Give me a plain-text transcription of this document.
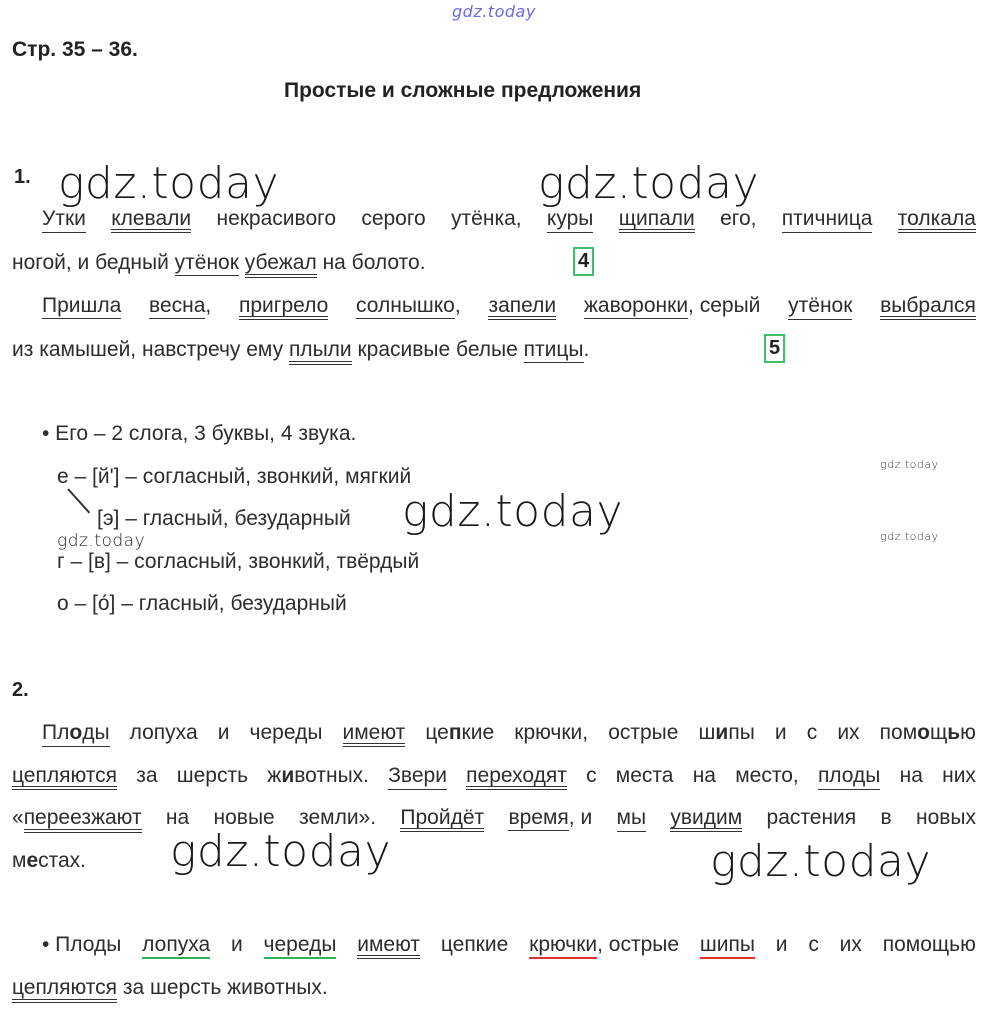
gdz.today
gdz.today	gdz.today
gdz.today
gdz.today
gdz.today
gdz.today
gdz.today	gdz.today
Стр. 35 – 36.
Простые и сложные предложения
1.
Утки клевали некрасивого серого утёнка, куры щипали его, птичница толкала
ногой, и бедный утёнок убежал на болото.	4
Пришла весна, пригрело солнышко, запели жаворонки, серый утёнок выбрался
из камышей, навстречу ему плыли красивые белые птицы.	5
• Его – 2 слога, 3 буквы, 4 звука.
е – [й'] – согласный, звонкий, мягкий
[э] – гласный, безударный
г – [в] – согласный, звонкий, твёрдый
о – [о́] – гласный, безударный
2.
Плоды лопуха и череды имеют цепкие крючки, острые шипы и с их помощью
цепляются за шерсть животных. Звери переходят с места на место, плоды на них
«переезжают на новые земли». Пройдёт время, и мы увидим растения в новых
местах.
• Плоды лопуха и череды имеют цепкие крючки, острые шипы и с их помощью
цепляются за шерсть животных.
